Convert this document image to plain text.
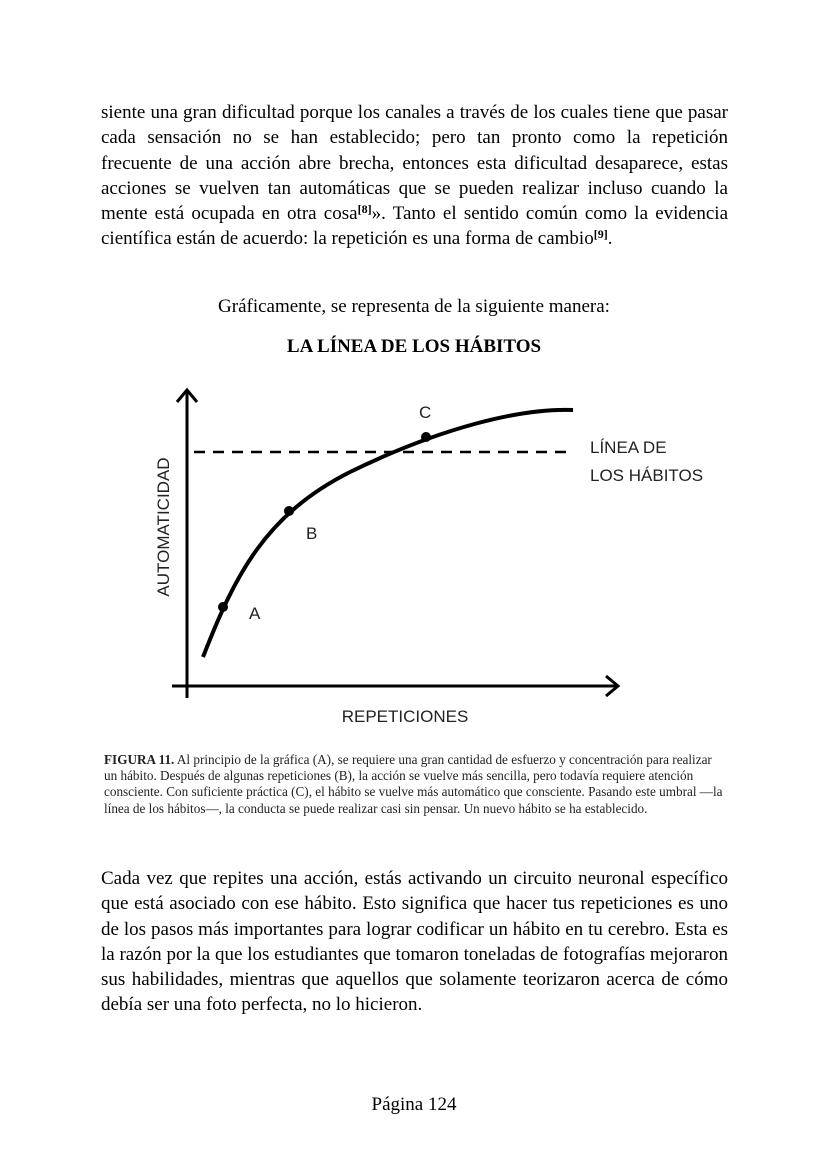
siente una gran dificultad porque los canales a través de los cuales tiene que pasar cada sensación no se han establecido; pero tan pronto como la repetición frecuente de una acción abre brecha, entonces esta dificultad desaparece, estas acciones se vuelven tan automáticas que se pueden realizar incluso cuando la mente está ocupada en otra cosa[8]». Tanto el sentido común como la evidencia científica están de acuerdo: la repetición es una forma de cambio[9].

Gráficamente, se representa de la siguiente manera:
LA LÍNEA DE LOS HÁBITOS
A
B
C
LÍNEA DE
LOS HÁBITOS
REPETICIONES
AUTOMATICIDAD

FIGURA 11. Al principio de la gráfica (A), se requiere una gran cantidad de esfuerzo y concentración para realizar un hábito. Después de algunas repeticiones (B), la acción se vuelve más sencilla, pero todavía requiere atención consciente. Con suficiente práctica (C), el hábito se vuelve más automático que consciente. Pasando este umbral —la línea de los hábitos—, la conducta se puede realizar casi sin pensar. Un nuevo hábito se ha establecido.

Cada vez que repites una acción, estás activando un circuito neuronal específico que está asociado con ese hábito. Esto significa que hacer tus repeticiones es uno de los pasos más importantes para lograr codificar un hábito en tu cerebro. Esta es la razón por la que los estudiantes que tomaron toneladas de fotografías mejoraron sus habilidades, mientras que aquellos que solamente teorizaron acerca de cómo debía ser una foto perfecta, no lo hicieron.

Página 124
